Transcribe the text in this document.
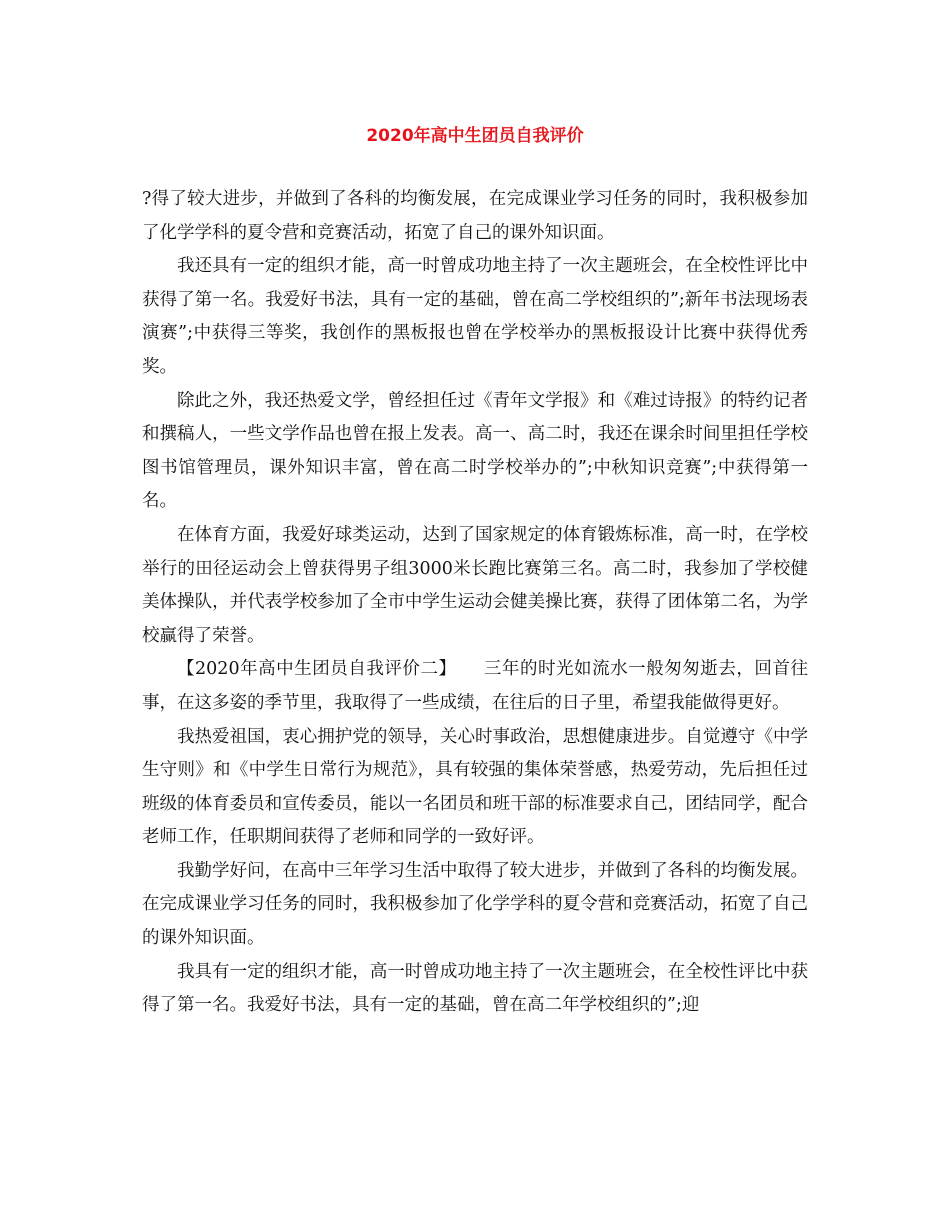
2020年高中生团员自我评价

?得了较大进步，并做到了各科的均衡发展，在完成课业学习任务的同时，我积极参加了化学学科的夏令营和竞赛活动，拓宽了自己的课外知识面。

我还具有一定的组织才能，高一时曾成功地主持了一次主题班会，在全校性评比中获得了第一名。我爱好书法，具有一定的基础，曾在高二学校组织的”;新年书法现场表演赛”;中获得三等奖，我创作的黑板报也曾在学校举办的黑板报设计比赛中获得优秀奖。

除此之外，我还热爱文学，曾经担任过《青年文学报》和《难过诗报》的特约记者和撰稿人，一些文学作品也曾在报上发表。高一、高二时，我还在课余时间里担任学校图书馆管理员，课外知识丰富，曾在高二时学校举办的”;中秋知识竞赛”;中获得第一名。

在体育方面，我爱好球类运动，达到了国家规定的体育锻炼标准，高一时，在学校举行的田径运动会上曾获得男子组3000米长跑比赛第三名。高二时，我参加了学校健美体操队，并代表学校参加了全市中学生运动会健美操比赛，获得了团体第二名，为学校赢得了荣誉。

【2020年高中生团员自我评价二】　　三年的时光如流水一般匆匆逝去，回首往事，在这多姿的季节里，我取得了一些成绩，在往后的日子里，希望我能做得更好。

我热爱祖国，衷心拥护党的领导，关心时事政治，思想健康进步。自觉遵守《中学生守则》和《中学生日常行为规范》，具有较强的集体荣誉感，热爱劳动，先后担任过班级的体育委员和宣传委员，能以一名团员和班干部的标准要求自己，团结同学，配合老师工作，任职期间获得了老师和同学的一致好评。

我勤学好问，在高中三年学习生活中取得了较大进步，并做到了各科的均衡发展。在完成课业学习任务的同时，我积极参加了化学学科的夏令营和竞赛活动，拓宽了自己的课外知识面。

我具有一定的组织才能，高一时曾成功地主持了一次主题班会，在全校性评比中获得了第一名。我爱好书法，具有一定的基础，曾在高二年学校组织的”;迎
